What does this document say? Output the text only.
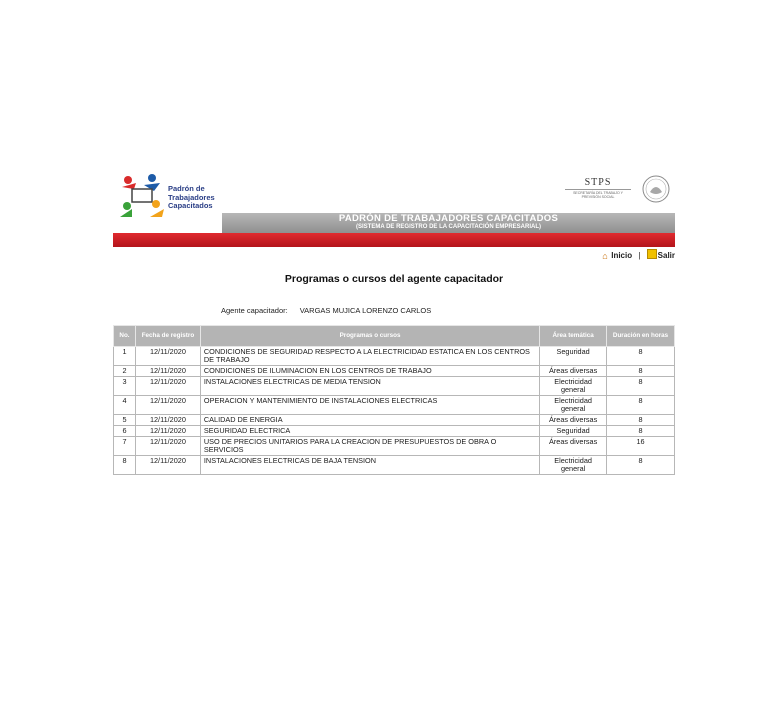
Padrón de
Trabajadores
Capacitados
STPS
SECRETARÍA DEL TRABAJO Y PREVISIÓN SOCIAL
PADRÓN DE TRABAJADORES CAPACITADOS
(SISTEMA DE REGISTRO DE LA CAPACITACIÓN EMPRESARIAL)
⌂ Inicio | Salir
Programas o cursos del agente capacitador
Agente capacitador: VARGAS MUJICA LORENZO CARLOS
No.	Fecha de registro	Programas o cursos	Área temática	Duración en horas
1	12/11/2020	CONDICIONES DE SEGURIDAD RESPECTO A LA ELECTRICIDAD ESTATICA EN LOS CENTROS DE TRABAJO	Seguridad	8
2	12/11/2020	CONDICIONES DE ILUMINACION EN LOS CENTROS DE TRABAJO	Áreas diversas	8
3	12/11/2020	INSTALACIONES ELECTRICAS DE MEDIA TENSION	Electricidad general	8
4	12/11/2020	OPERACION Y MANTENIMIENTO DE INSTALACIONES ELECTRICAS	Electricidad general	8
5	12/11/2020	CALIDAD DE ENERGIA	Áreas diversas	8
6	12/11/2020	SEGURIDAD ELECTRICA	Seguridad	8
7	12/11/2020	USO DE PRECIOS UNITARIOS PARA LA CREACION DE PRESUPUESTOS DE OBRA O SERVICIOS	Áreas diversas	16
8	12/11/2020	INSTALACIONES ELECTRICAS DE BAJA TENSION	Electricidad general	8
